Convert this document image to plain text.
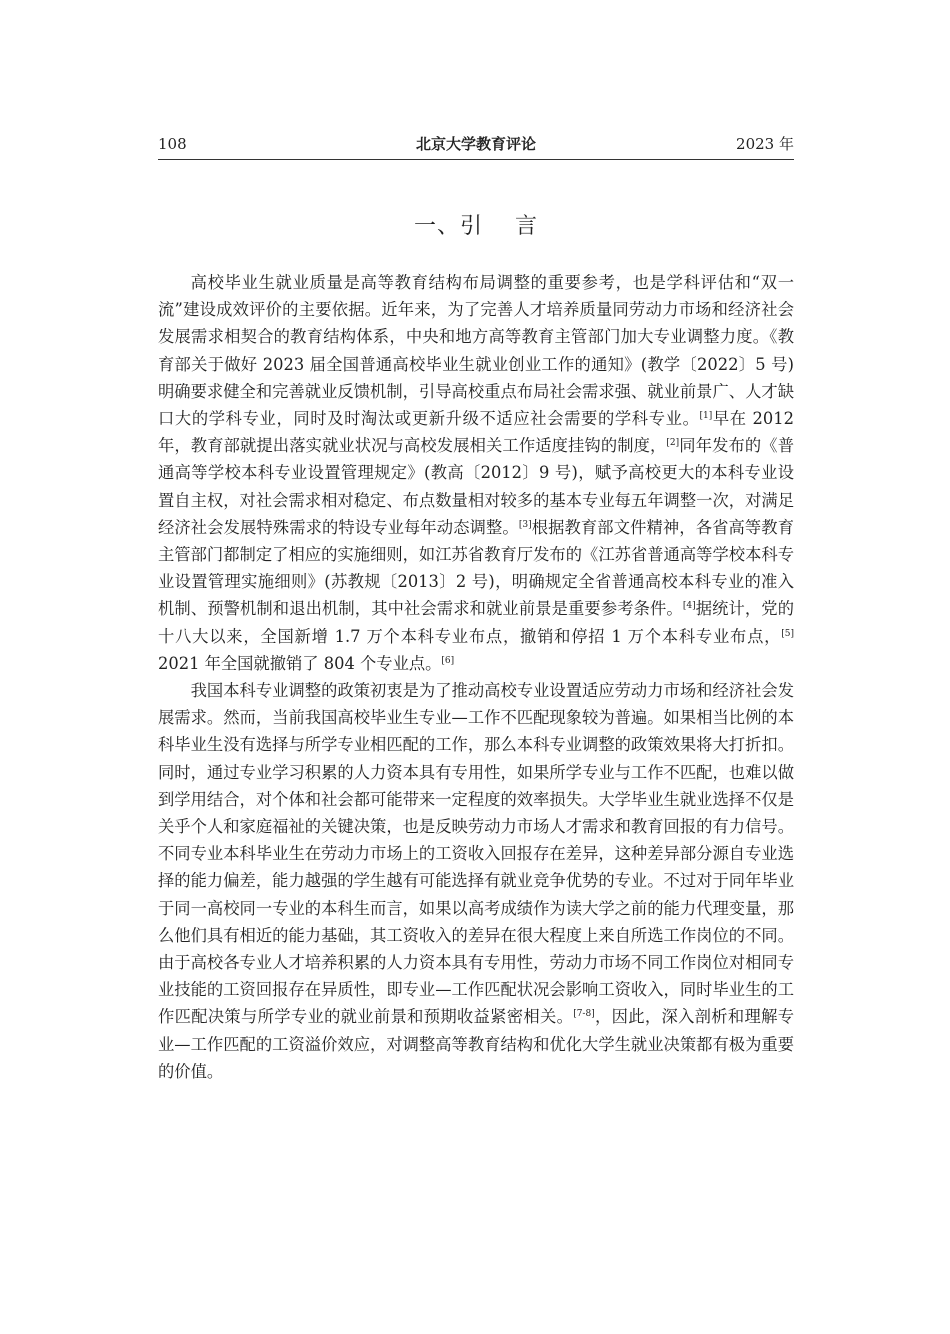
108	北京大学教育评论	2023 年
一、引    言

高校毕业生就业质量是高等教育结构布局调整的重要参考，也是学科评估和“双一流”建设成效评价的主要依据。近年来，为了完善人才培养质量同劳动力市场和经济社会发展需求相契合的教育结构体系，中央和地方高等教育主管部门加大专业调整力度。《教育部关于做好 2023 届全国普通高校毕业生就业创业工作的通知》(教学〔2022〕5 号)明确要求健全和完善就业反馈机制，引导高校重点布局社会需求强、就业前景广、人才缺口大的学科专业，同时及时淘汰或更新升级不适应社会需要的学科专业。[1]早在 2012 年，教育部就提出落实就业状况与高校发展相关工作适度挂钩的制度，[2]同年发布的《普通高等学校本科专业设置管理规定》(教高〔2012〕9 号)，赋予高校更大的本科专业设置自主权，对社会需求相对稳定、布点数量相对较多的基本专业每五年调整一次，对满足经济社会发展特殊需求的特设专业每年动态调整。[3]根据教育部文件精神，各省高等教育主管部门都制定了相应的实施细则，如江苏省教育厅发布的《江苏省普通高等学校本科专业设置管理实施细则》(苏教规〔2013〕2 号)，明确规定全省普通高校本科专业的准入机制、预警机制和退出机制，其中社会需求和就业前景是重要参考条件。[4]据统计，党的十八大以来，全国新增 1.7 万个本科专业布点，撤销和停招 1 万个本科专业布点，[5] 2021 年全国就撤销了 804 个专业点。[6]

我国本科专业调整的政策初衷是为了推动高校专业设置适应劳动力市场和经济社会发展需求。然而，当前我国高校毕业生专业—工作不匹配现象较为普遍。如果相当比例的本科毕业生没有选择与所学专业相匹配的工作，那么本科专业调整的政策效果将大打折扣。同时，通过专业学习积累的人力资本具有专用性，如果所学专业与工作不匹配，也难以做到学用结合，对个体和社会都可能带来一定程度的效率损失。大学毕业生就业选择不仅是关乎个人和家庭福祉的关键决策，也是反映劳动力市场人才需求和教育回报的有力信号。不同专业本科毕业生在劳动力市场上的工资收入回报存在差异，这种差异部分源自专业选择的能力偏差，能力越强的学生越有可能选择有就业竞争优势的专业。不过对于同年毕业于同一高校同一专业的本科生而言，如果以高考成绩作为读大学之前的能力代理变量，那么他们具有相近的能力基础，其工资收入的差异在很大程度上来自所选工作岗位的不同。由于高校各专业人才培养积累的人力资本具有专用性，劳动力市场不同工作岗位对相同专业技能的工资回报存在异质性，即专业—工作匹配状况会影响工资收入，同时毕业生的工作匹配决策与所学专业的就业前景和预期收益紧密相关。[7-8]，因此，深入剖析和理解专业—工作匹配的工资溢价效应，对调整高等教育结构和优化大学生就业决策都有极为重要的价值。
